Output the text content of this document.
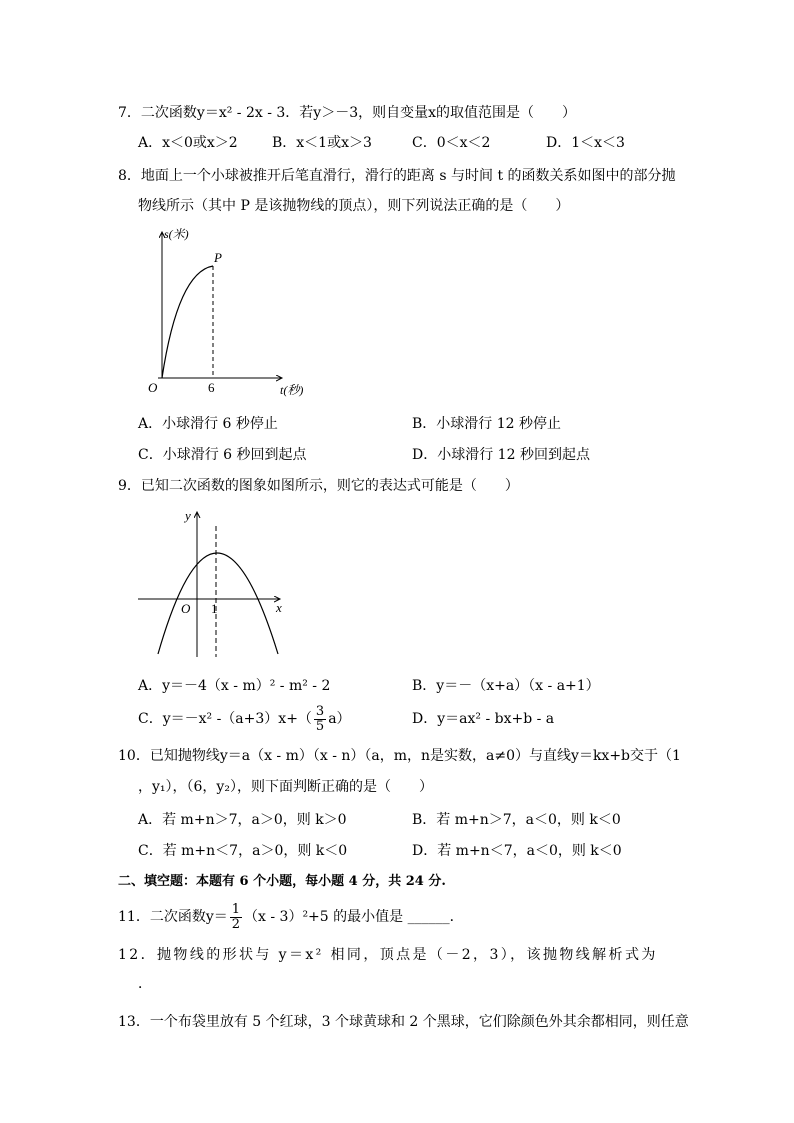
7．二次函数y＝x² - 2x - 3．若y＞－3，则自变量x的取值范围是（　　）
A．x＜0或x＞2 B．x＜1或x＞3	C．0＜x＜2	D．1＜x＜3
8．地面上一个小球被推开后笔直滑行，滑行的距离 s 与时间 t 的函数关系如图中的部分抛
物线所示（其中 P 是该抛物线的顶点），则下列说法正确的是（　　）
s(米)
t(秒)
O	6
P
A．小球滑行 6 秒停止	B．小球滑行 12 秒停止
C．小球滑行 6 秒回到起点	D．小球滑行 12 秒回到起点
9．已知二次函数的图象如图所示，则它的表达式可能是（　　）
y
x
O 1
A．y＝－4（x - m）² - m² - 2	B．y＝－（x+a）（x - a+1）
C．y＝－x² $-(a+3)x+( \frac{3}{5} a)$	D．y＝ax² - bx+b - a
10．已知抛物线y＝a（x - m）（x - n）（a，m，n是实数，a≠0）与直线y＝kx+b交于（1
，y₁），（6，y₂），则下面判断正确的是（　　）
A．若 m+n＞7，a＞0，则 k＞0	B．若 m+n＞7，a＜0，则 k＜0
C．若 m+n＜7，a＞0，则 k＜0	D．若 m+n＜7，a＜0，则 k＜0
二、填空题：本题有 6 个小题，每小题 4 分，共 24 分.
11．二次函数$y= \frac{1}{2} (x - 3)^2+5$ 的最小值是 ______．
12．抛物线的形状与 y＝x² 相同，顶点是（－2，3），该抛物线解析式为
．
13．一个布袋里放有 5 个红球，3 个球黄球和 2 个黑球，它们除颜色外其余都相同，则任意
